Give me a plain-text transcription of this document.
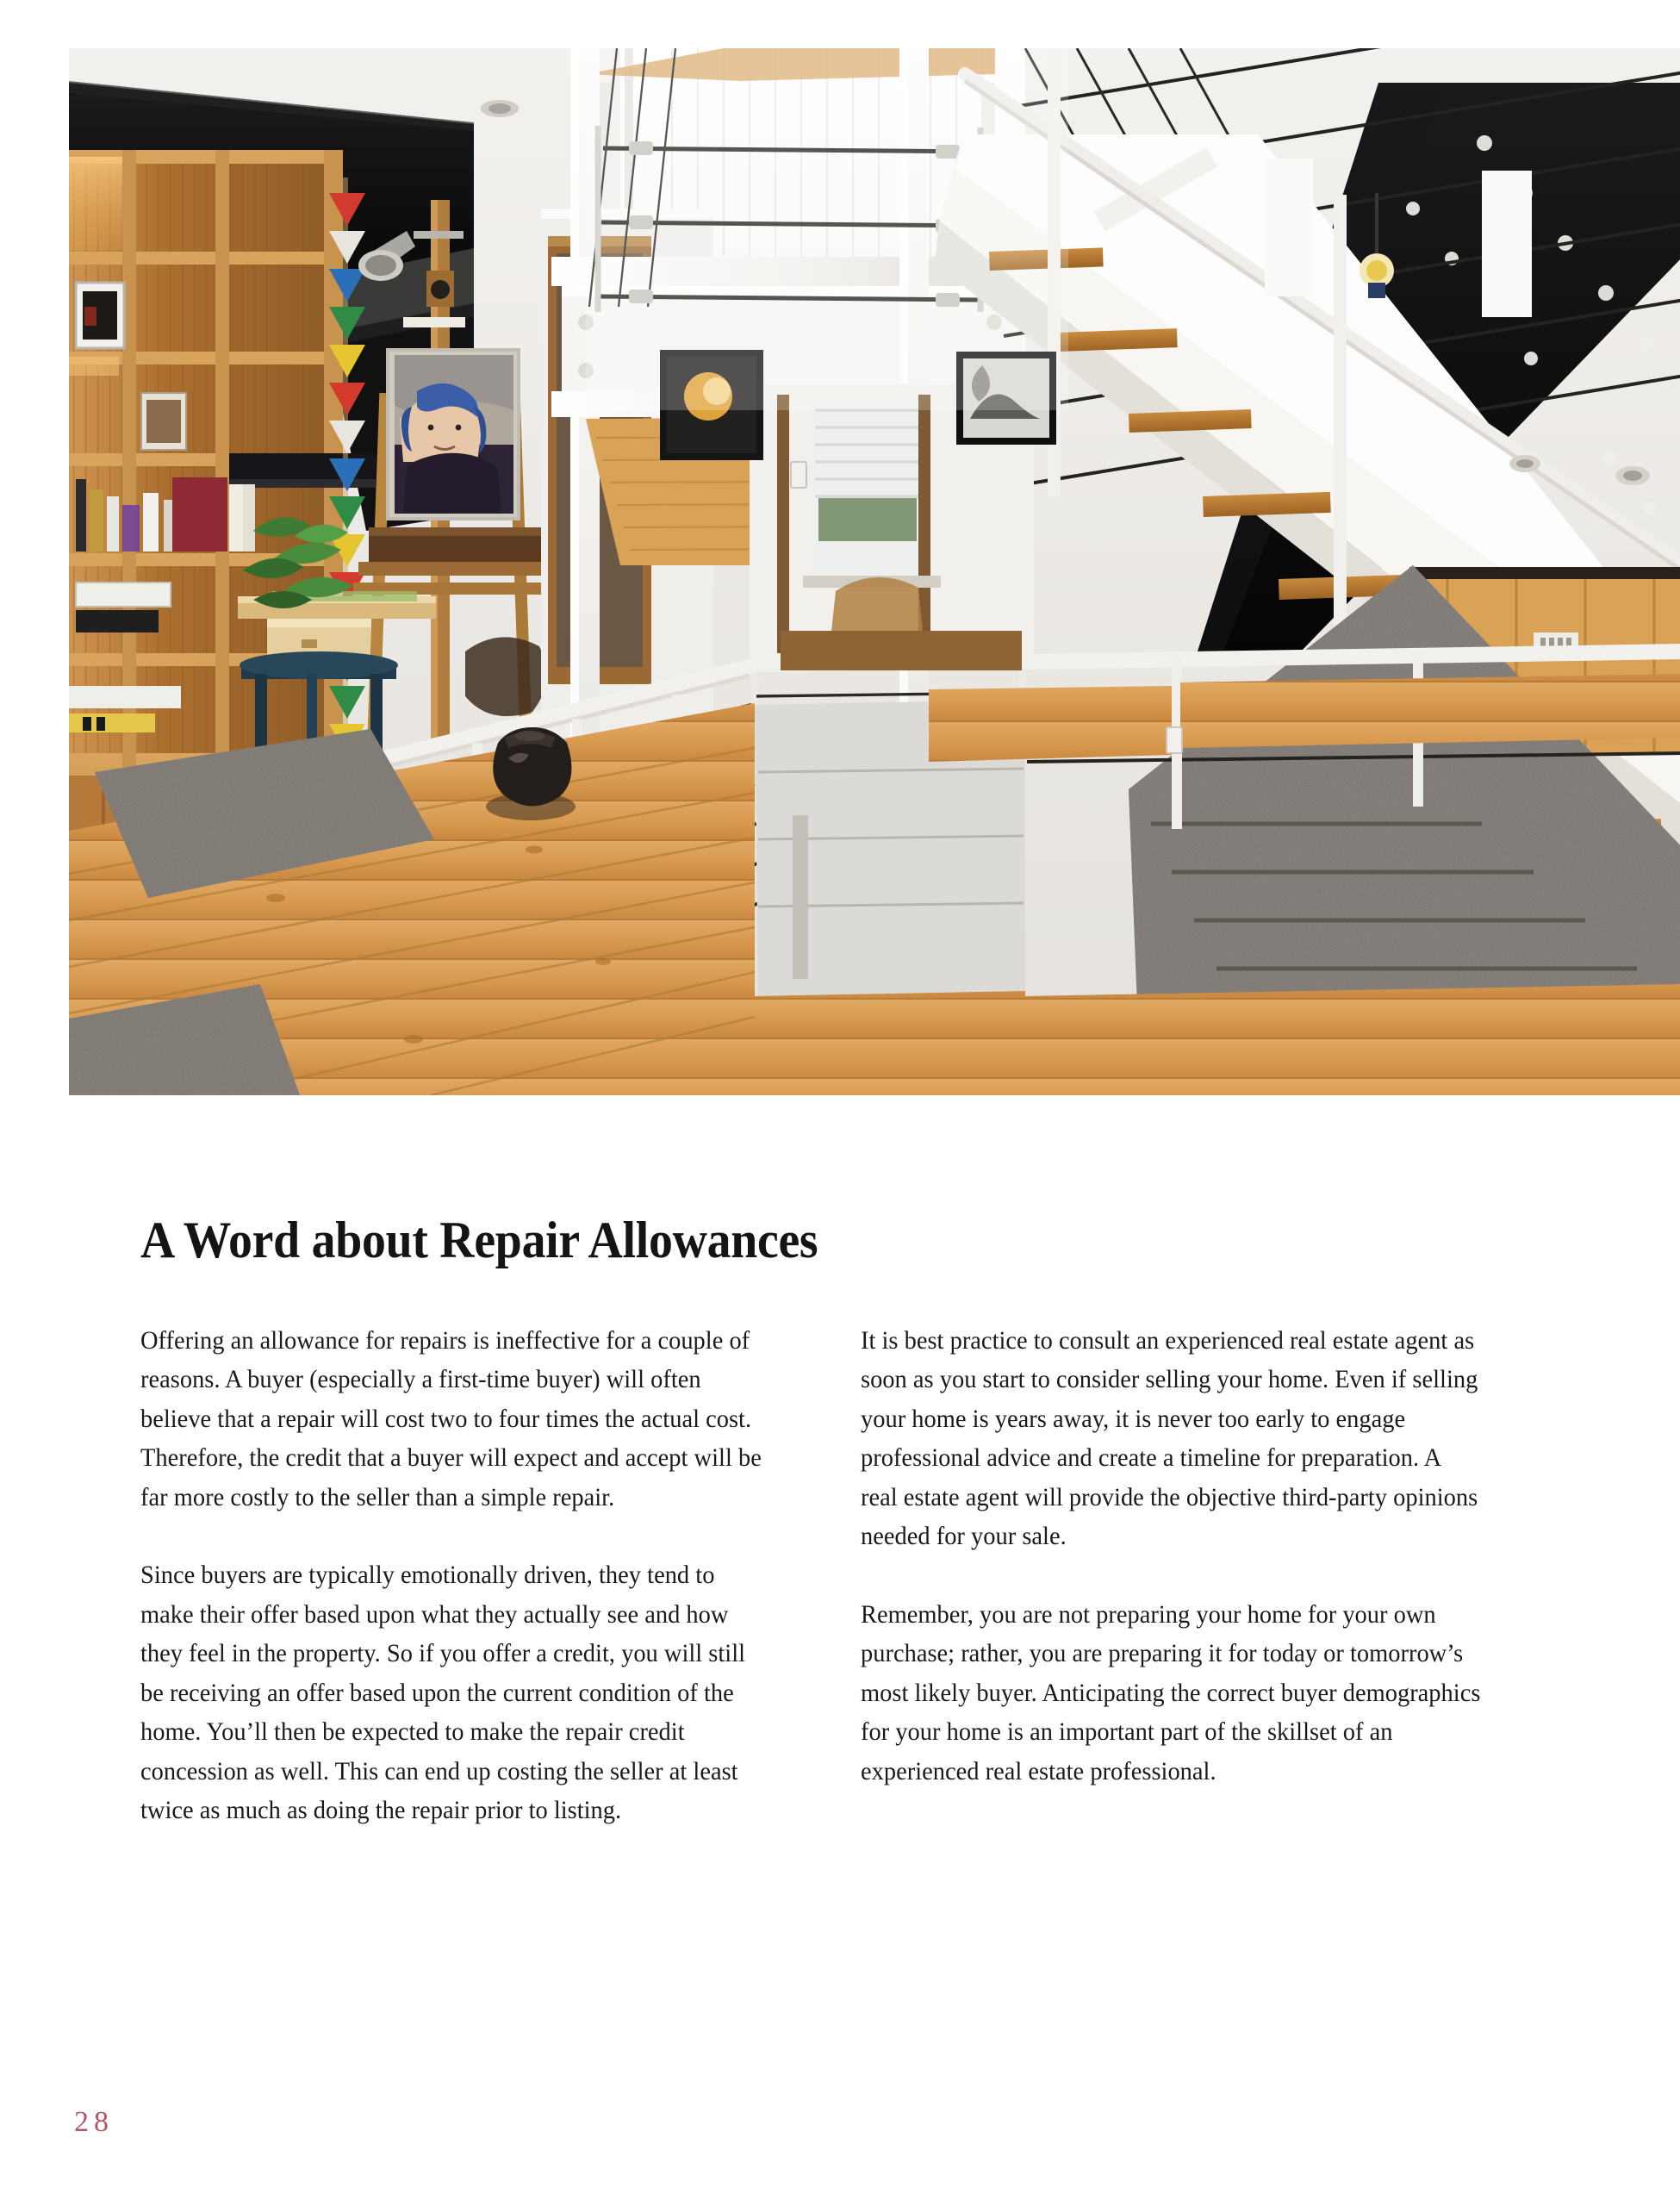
A Word about Repair Allowances

Offering an allowance for repairs is ineffective for a couple of reasons. A buyer (especially a first-time buyer) will often believe that a repair will cost two to four times the actual cost. Therefore, the credit that a buyer will expect and accept will be far more costly to the seller than a simple repair.

Since buyers are typically emotionally driven, they tend to make their offer based upon what they actually see and how they feel in the property. So if you offer a credit, you will still be receiving an offer based upon the current condition of the home. You’ll then be expected to make the repair credit concession as well. This can end up costing the seller at least twice as much as doing the repair prior to listing.

It is best practice to consult an experienced real estate agent as soon as you start to consider selling your home. Even if selling your home is years away, it is never too early to engage professional advice and create a timeline for preparation. A real estate agent will provide the objective third-party opinions needed for your sale.

Remember, you are not preparing your home for your own purchase; rather, you are preparing it for today or tomorrow’s most likely buyer. Anticipating the correct buyer demographics for your home is an important part of the skillset of an experienced real estate professional.

28
